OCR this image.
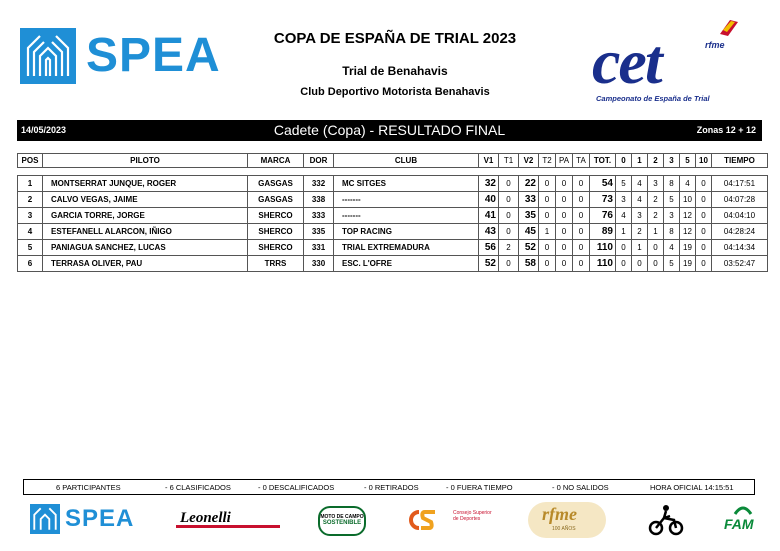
SPEA	COPA DE ESPAÑA DE TRIAL 2023
Trial de Benahavis
Club Deportivo Motorista Benahavis	cet	rfme
Campeonato de España de Trial
14/05/2023	Cadete (Copa) - RESULTADO FINAL	Zonas 12 + 12
POS	PILOTO	MARCA	DOR	CLUB	V1	T1	V2	T2	PA	TA	TOT.	0	1	2	3	5	10	TIEMPO
1	MONTSERRAT JUNQUE, ROGER	GASGAS	332	MC SITGES	32	0	22	0	0	0	54	5	4	3	8	4	0	04:17:51
2	CALVO VEGAS, JAIME	GASGAS	338	-------	40	0	33	0	0	0	73	3	4	2	5	10	0	04:07:28
3	GARCIA TORRE, JORGE	SHERCO	333	-------	41	0	35	0	0	0	76	4	3	2	3	12	0	04:04:10
4	ESTEFANELL ALARCON, IÑIGO	SHERCO	335	TOP RACING	43	0	45	1	0	0	89	1	2	1	8	12	0	04:28:24
5	PANIAGUA SANCHEZ, LUCAS	SHERCO	331	TRIAL EXTREMADURA	56	2	52	0	0	0	110	0	1	0	4	19	0	04:14:34
6	TERRASA OLIVER, PAU	TRRS	330	ESC. L'OFRE	52	0	58	0	0	0	110	0	0	0	5	19	0	03:52:47
6 PARTICIPANTES	- 6 CLASIFICADOS	- 0 DESCALIFICADOS	- 0 RETIRADOS	- 0 FUERA TIEMPO	- 0 NO SALIDOS	HORA OFICIAL 14:15:51
SPEA	Leonelli	MOTO DE CAMPO
SOSTENIBLE
Consejo Superior de Deportes	rfme
100 AÑOS	FAM
